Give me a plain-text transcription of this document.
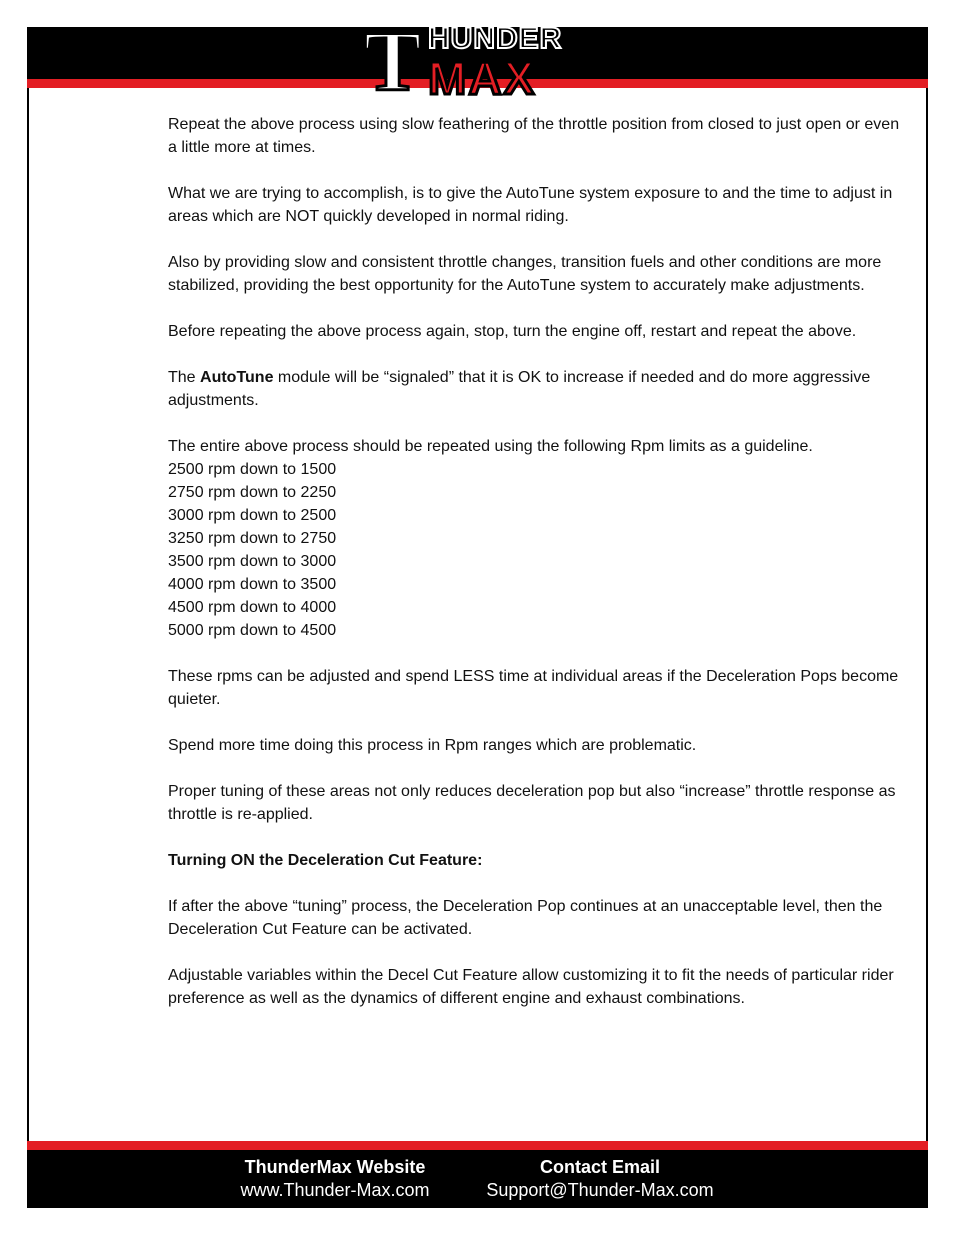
T HUNDER
MAX

Repeat the above process using slow feathering of the throttle position from closed to just open or even a little more at times.

What we are trying to accomplish, is to give the AutoTune system exposure to and the time to adjust in areas which are NOT quickly developed in normal riding.

Also by providing slow and consistent throttle changes, transition fuels and other conditions are more stabilized, providing the best opportunity for the AutoTune system to accurately make adjustments.

Before repeating the above process again, stop, turn the engine off, restart and repeat the above.

The AutoTune module will be “signaled” that it is OK to increase if needed and do more aggressive adjustments.

The entire above process should be repeated using the following Rpm limits as a guideline.

2500 rpm down to 1500

2750 rpm down to 2250

3000 rpm down to 2500

3250 rpm down to 2750

3500 rpm down to 3000

4000 rpm down to 3500

4500 rpm down to 4000

5000 rpm down to 4500

These rpms can be adjusted and spend LESS time at individual areas if the Deceleration Pops become quieter.

Spend more time doing this process in Rpm ranges which are problematic.

Proper tuning of these areas not only reduces deceleration pop but also “increase” throttle response as throttle is re-applied.

Turning ON the Deceleration Cut Feature:

If after the above “tuning” process, the Deceleration Pop continues at an unacceptable level, then the Deceleration Cut Feature can be activated.

Adjustable variables within the Decel Cut Feature allow customizing it to fit the needs of particular rider preference as well as the dynamics of different engine and exhaust combinations.

ThunderMax Website
www.Thunder-Max.com
Contact Email
Support@Thunder-Max.com
